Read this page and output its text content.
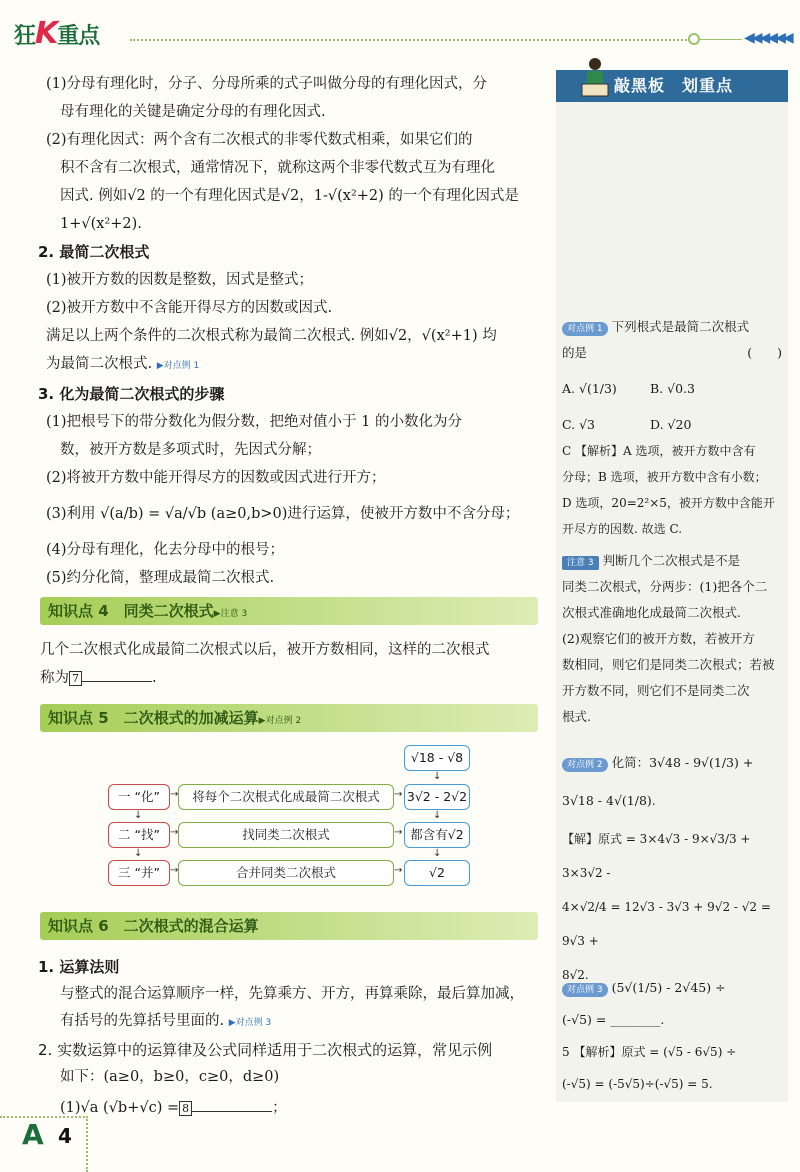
狂K重点	◀◀◀◀◀◀

(1)分母有理化时，分子、分母所乘的式子叫做分母的有理化因式，分

母有理化的关键是确定分母的有理化因式.

(2)有理化因式：两个含有二次根式的非零代数式相乘，如果它们的

积不含有二次根式，通常情况下，就称这两个非零代数式互为有理化

因式. 例如√2 的一个有理化因式是√2，1-√(x²+2) 的一个有理化因式是

1+√(x²+2).

2. 最简二次根式

(1)被开方数的因数是整数，因式是整式；

(2)被开方数中不含能开得尽方的因数或因式.

满足以上两个条件的二次根式称为最简二次根式. 例如√2，√(x²+1) 均

为最简二次根式. ▶对点例 1

3. 化为最简二次根式的步骤

(1)把根号下的带分数化为假分数，把绝对值小于 1 的小数化为分

数，被开方数是多项式时，先因式分解；

(2)将被开方数中能开得尽方的因数或因式进行开方；

(3)利用 √(a/b) = √a/√b (a≥0,b>0)进行运算，使被开方数中不含分母；

(4)分母有理化，化去分母中的根号；

(5)约分化简，整理成最简二次根式.

知识点 4　同类二次根式▶注意 3

几个二次根式化成最简二次根式以后，被开方数相同，这样的二次根式

称为 7	.

知识点 5　二次根式的加减运算▶对点例 2
√18 - √8
↓
一 “化”	→	将每个二次根式化成最简二次根式	→ 3√2 - 2√2
↓
↓
二 “找”	→	找同类二次根式	→ 都含有√2
↓
↓
三 “并”	→	合并同类二次根式	→	√2
知识点 6　二次根式的混合运算

1. 运算法则

与整式的混合运算顺序一样，先算乘方、开方，再算乘除，最后算加减，

有括号的先算括号里面的. ▶对点例 3

2. 实数运算中的运算律及公式同样适用于二次根式的运算，常见示例

如下：(a≥0，b≥0，c≥0，d≥0)

(1)√a (√b+√c) = 8	；

敲黑板　划重点
对点例 1 下列根式是最简二次根式
的是	(　　)
A. √(1/3)	B. √0.3
C. √3	D. √20
C 【解析】A 选项，被开方数中含有
分母；B 选项，被开方数中含有小数；
D 选项，20=2²×5，被开方数中含能开
开尽方的因数. 故选 C.
注意 3 判断几个二次根式是不是
同类二次根式，分两步：(1)把各个二
次根式准确地化成最简二次根式.
(2)观察它们的被开方数，若被开方
数相同，则它们是同类二次根式；若被
开方数不同，则它们不是同类二次
根式.
对点例 2 化简：3√48 - 9√(1/3) +
3√18 - 4√(1/8).
【解】原式 = 3×4√3 - 9×√3/3 + 3×3√2 -
4×√2/4 = 12√3 - 3√3 + 9√2 - √2 = 9√3 +
8√2.
对点例 3 (5√(1/5) - 2√45) ÷
(-√5) = ________.
5 【解析】原式 = (√5 - 6√5) ÷
(-√5) = (-5√5)÷(-√5) = 5.
A 4
